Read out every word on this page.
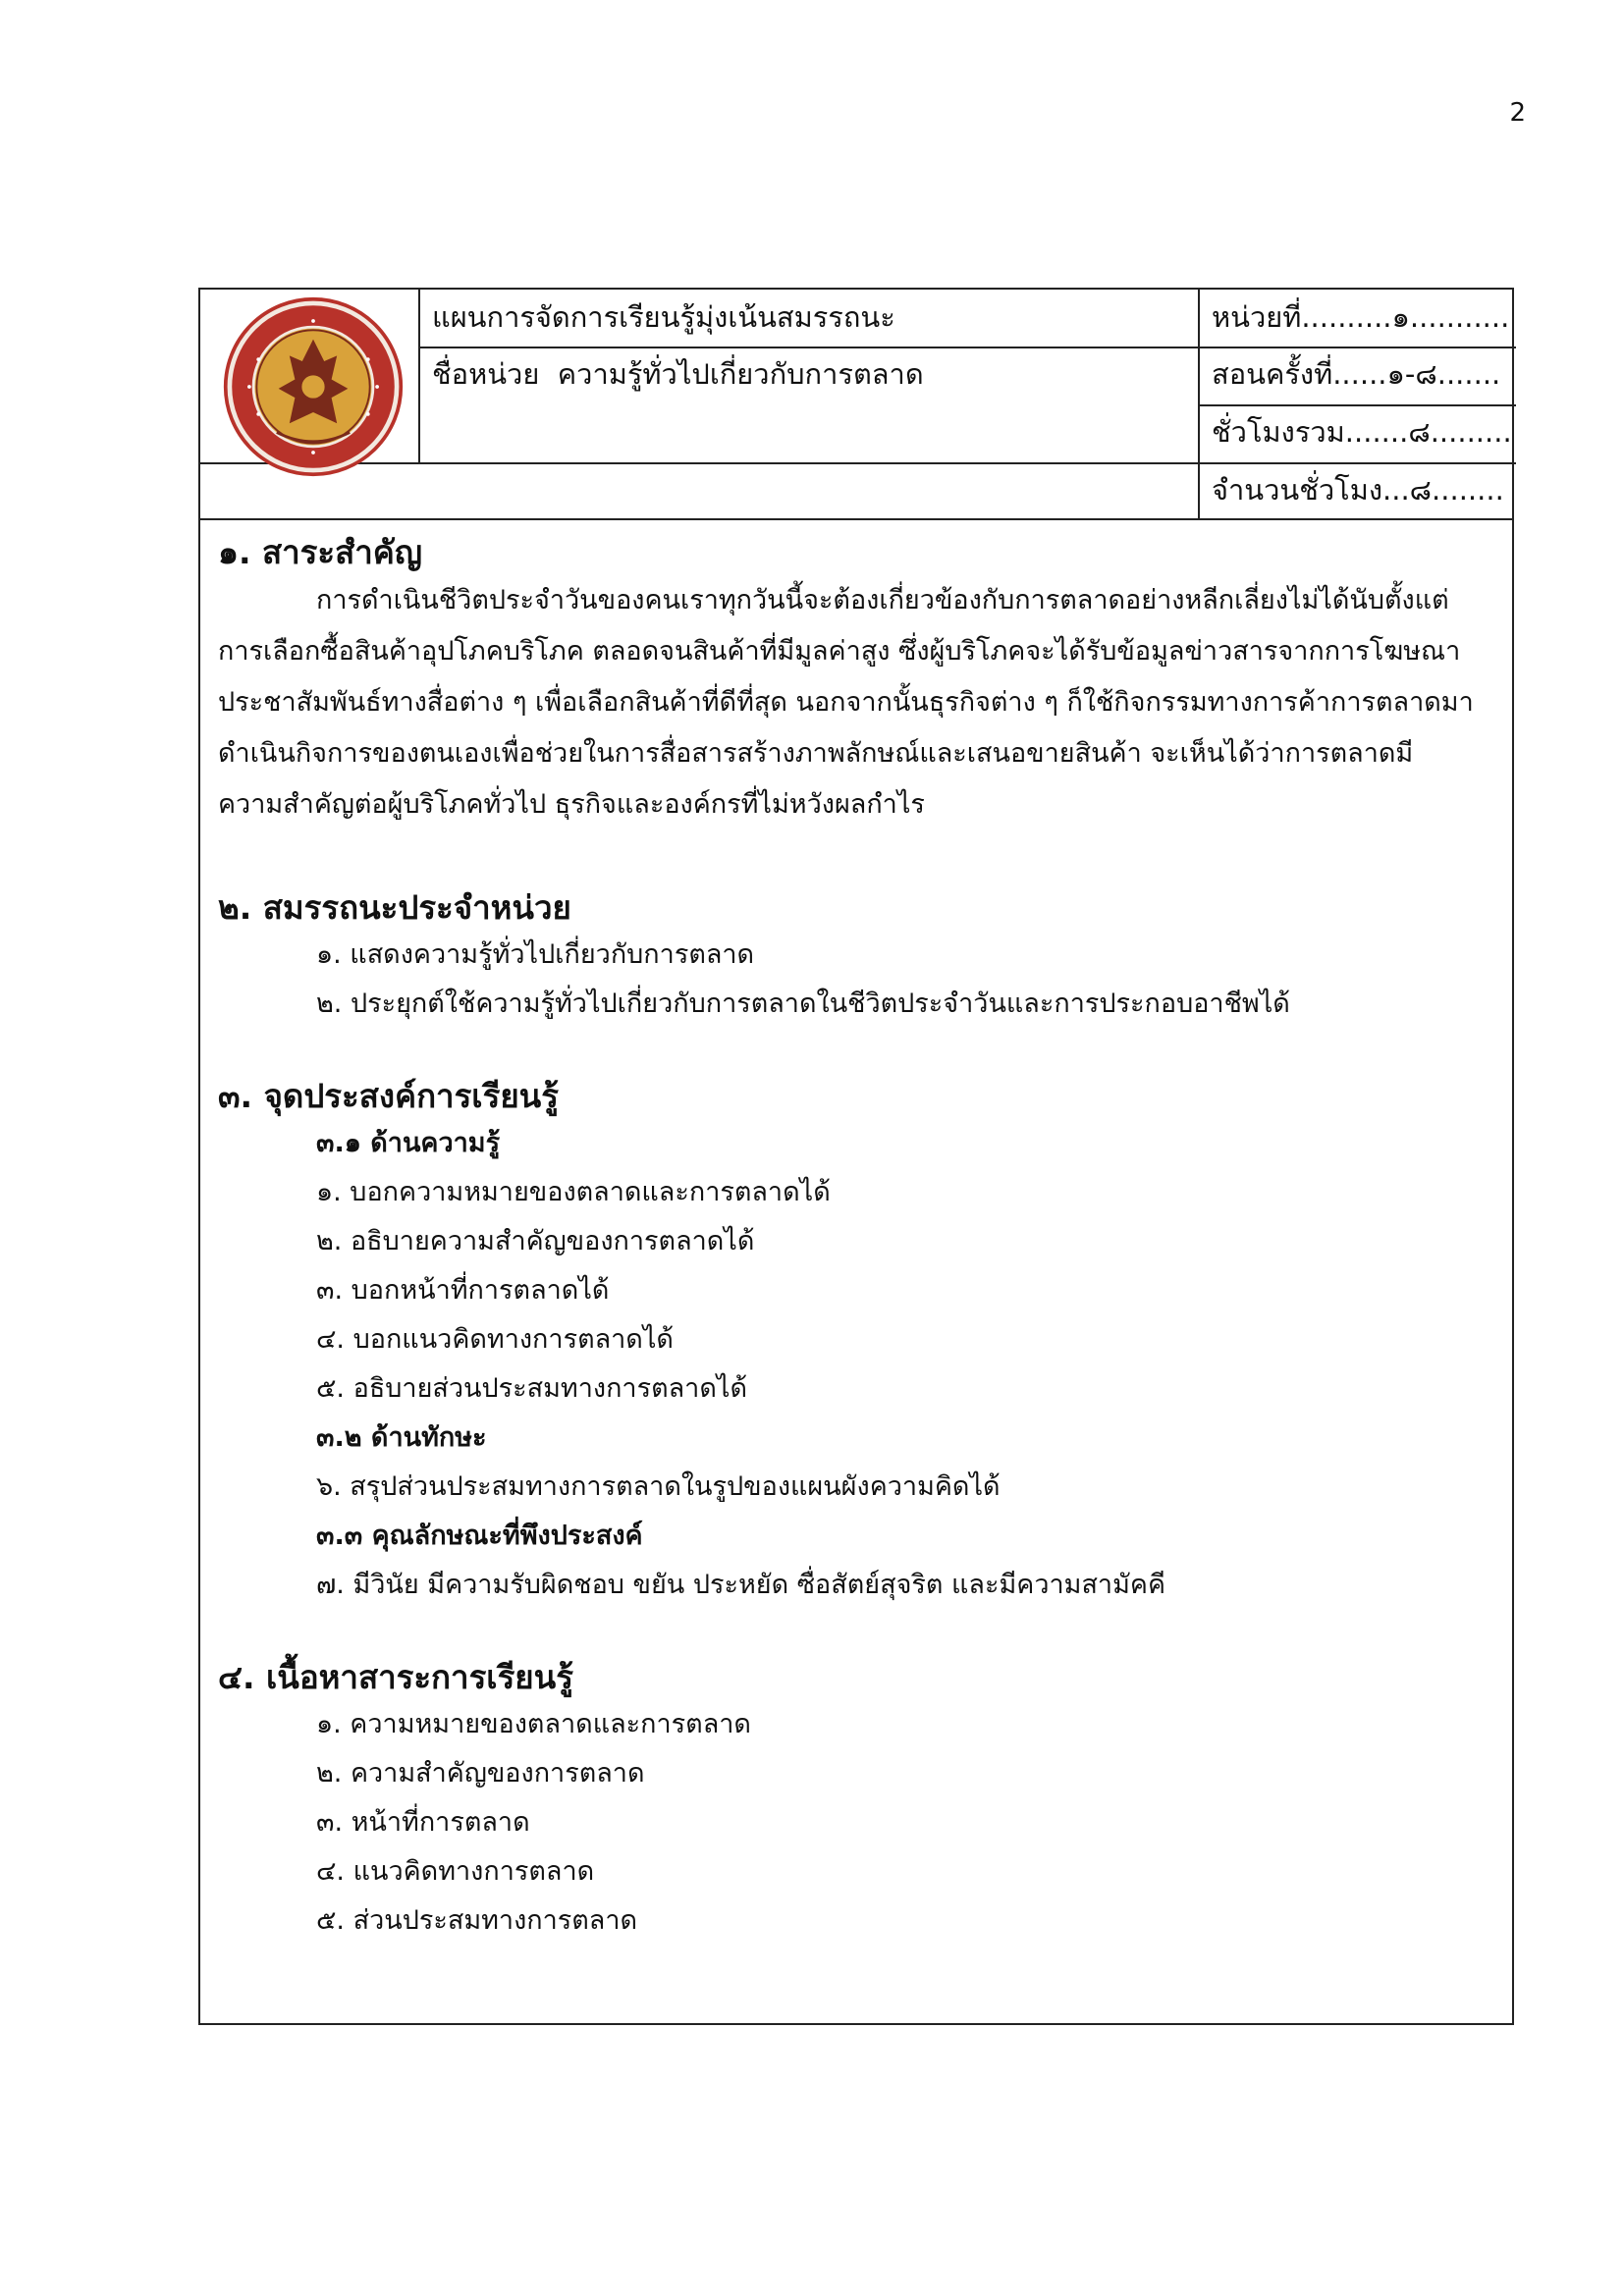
2
แผนการจัดการเรียนรู้มุ่งเน้นสมรรถนะ
ชื่อหน่วย ความรู้ทั่วไปเกี่ยวกับการตลาด
หน่วยที่..........๑...........
สอนครั้งที่......๑-๘.......
ชั่วโมงรวม.......๘.........
จำนวนชั่วโมง...๘........
๑. สาระสำคัญ

การดำเนินชีวิตประจำวันของคนเราทุกวันนี้จะต้องเกี่ยวข้องกับการตลาดอย่างหลีกเลี่ยงไม่ได้นับตั้งแต่
การเลือกซื้อสินค้าอุปโภคบริโภค ตลอดจนสินค้าที่มีมูลค่าสูง ซึ่งผู้บริโภคจะได้รับข้อมูลข่าวสารจากการโฆษณา
ประชาสัมพันธ์ทางสื่อต่าง ๆ เพื่อเลือกสินค้าที่ดีที่สุด นอกจากนั้นธุรกิจต่าง ๆ ก็ใช้กิจกรรมทางการค้าการตลาดมา
ดำเนินกิจการของตนเองเพื่อช่วยในการสื่อสารสร้างภาพลักษณ์และเสนอขายสินค้า จะเห็นได้ว่าการตลาดมี
ความสำคัญต่อผู้บริโภคทั่วไป ธุรกิจและองค์กรที่ไม่หวังผลกำไร

๒. สมรรถนะประจำหน่วย
๑. แสดงความรู้ทั่วไปเกี่ยวกับการตลาด
๒. ประยุกต์ใช้ความรู้ทั่วไปเกี่ยวกับการตลาดในชีวิตประจำวันและการประกอบอาชีพได้
๓. จุดประสงค์การเรียนรู้
๓.๑ ด้านความรู้
๑. บอกความหมายของตลาดและการตลาดได้
๒. อธิบายความสำคัญของการตลาดได้
๓. บอกหน้าที่การตลาดได้
๔. บอกแนวคิดทางการตลาดได้
๕. อธิบายส่วนประสมทางการตลาดได้
๓.๒ ด้านทักษะ
๖. สรุปส่วนประสมทางการตลาดในรูปของแผนผังความคิดได้
๓.๓ คุณลักษณะที่พึงประสงค์
๗. มีวินัย มีความรับผิดชอบ ขยัน ประหยัด ซื่อสัตย์สุจริต และมีความสามัคคี
๔. เนื้อหาสาระการเรียนรู้
๑. ความหมายของตลาดและการตลาด
๒. ความสำคัญของการตลาด
๓. หน้าที่การตลาด
๔. แนวคิดทางการตลาด
๕. ส่วนประสมทางการตลาด
